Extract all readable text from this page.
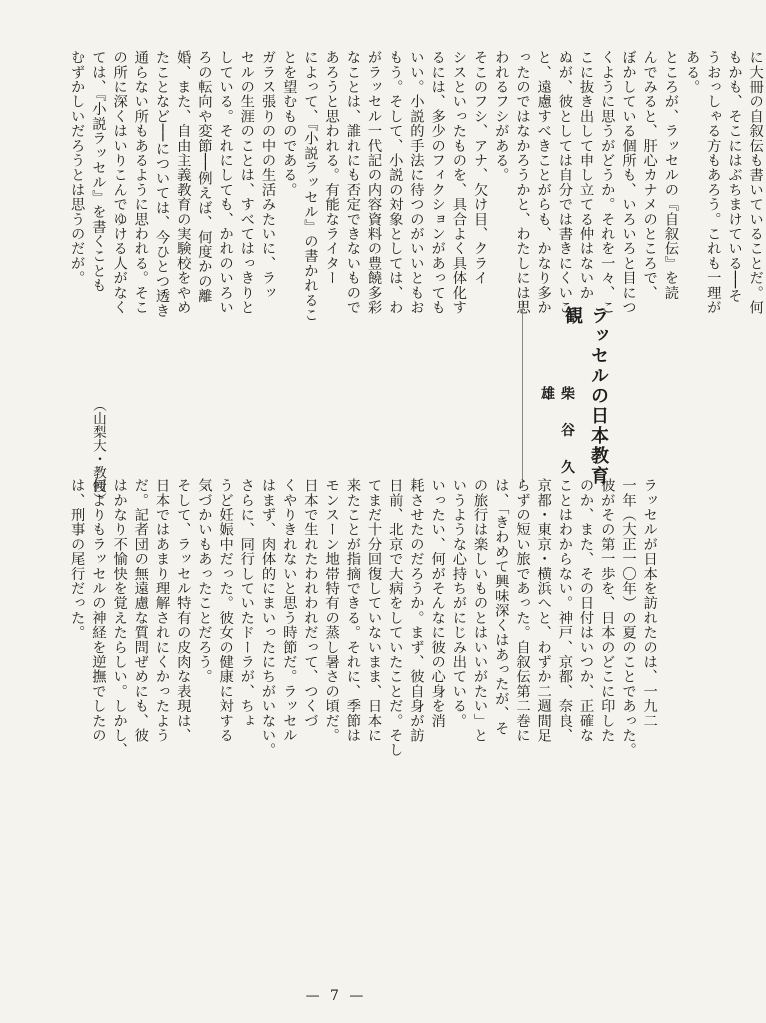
に大冊の自叙伝も書いていることだ。何
もかも、そこにはぶちまけている──そ
うおっしゃる方もあろう。これも一理が
ある。
ところが、ラッセルの『自叙伝』を読
んでみると、肝心カナメのところで、
ぼかしている個所も、いろいろと目につ
くように思うがどうか。それを一々、こ
こに抜き出して申し立てる仲はないか
ぬが、彼としては自分では書きにくいこ
と、遠慮すべきことがらも、かなり多か
ったのではなかろうかと、わたしには思
われるフシがある。
そこのフシ、アナ、欠け目、クライ
シスといったものを、具合よく具体化す
るには、多少のフィクションがあっても
いい。小説的手法に待つのがいいともお
もう。そして、小説の対象としては、わ
がラッセル一代記の内容資料の豊饒多彩
なことは、誰れにも否定できないもので
あろうと思われる。有能なライター
によって、『小説ラッセル』の書かれるこ
とを望むものである。
ガラス張りの中の生活みたいに、ラッ
セルの生涯のことは、すべてはっきりと
している。それにしても、かれのいろい
ろの転向や変節──例えば、何度かの離
婚、また、自由主義教育の実験校をやめ
たことなど──については、今ひとつ透き
通らない所もあるように思われる。そこ
の所に深くはいりこんでゆける人がなく
ては、『小説ラッセル』を書くことも
むずかしいだろうとは思うのだが。
（山梨大・教授）	ラッセルの日本教育観
柴 谷 久 雄
ラッセルが日本を訪れたのは、一九二
一年（大正一〇年）の夏のことであった。
彼がその第一歩を、日本のどこに印した
のか、また、その日付はいつか、正確な
ことはわからない。神戸、京都、奈良、
京都・東京・横浜へと、わずか二週間足
らずの短い旅であった。自叙伝第二巻に
は、「きわめて興味深くはあったが、そ
の旅行は楽しいものとはいいがたい」と
いうような心持ちがにじみ出ている。
いったい、何がそんなに彼の心身を消
耗させたのだろうか。まず、彼自身が訪
日前、北京で大病をしていたことだ。そし
てまだ十分回復していないまま、日本に
来たことが指摘できる。それに、季節は
モンスーン地帯特有の蒸し暑さの頃だ。
日本で生れたわれわれだって、つくづ
くやりきれないと思う時節だ。ラッセル
はまず、肉体的にまいったにちがいない。
さらに、同行していたドーラが、ちょ
うど妊娠中だった。彼女の健康に対する
気づかいもあったことだろう。
そして、ラッセル特有の皮肉な表現は、
日本ではあまり理解されにくかったよう
だ。記者団の無遠慮な質問ぜめにも、彼
はかなり不愉快を覚えたらしい。しかし、
何よりもラッセルの神経を逆撫でしたの
は、刑事の尾行だった。
— 7 —
